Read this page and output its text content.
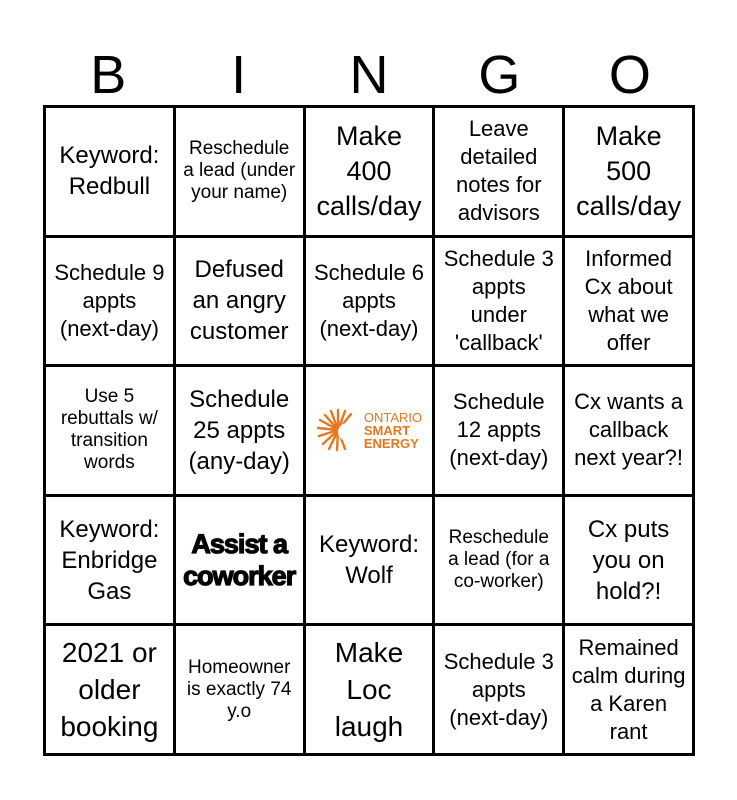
B	I	N	G	O
Keyword: Redbull
Reschedule a lead (under your name)
Make 400 calls/day
Leave detailed notes for advisors
Make 500 calls/day
Schedule 9 appts (next-day)
Defused an angry customer
Schedule 6 appts (next-day)
Schedule 3 appts under 'callback'
Informed Cx about what we offer
Use 5 rebuttals w/ transition words
Schedule 25 appts (any-day)
ONTARIO
SMART
ENERGY
Schedule 12 appts (next-day)
Cx wants a callback next year?!
Keyword: Enbridge Gas
Assist a coworker
Keyword: Wolf
Reschedule a lead (for a co-worker)
Cx puts you on hold?!
2021 or older booking
Homeowner is exactly 74 y.o
Make Loc laugh
Schedule 3 appts (next-day)
Remained calm during a Karen rant
